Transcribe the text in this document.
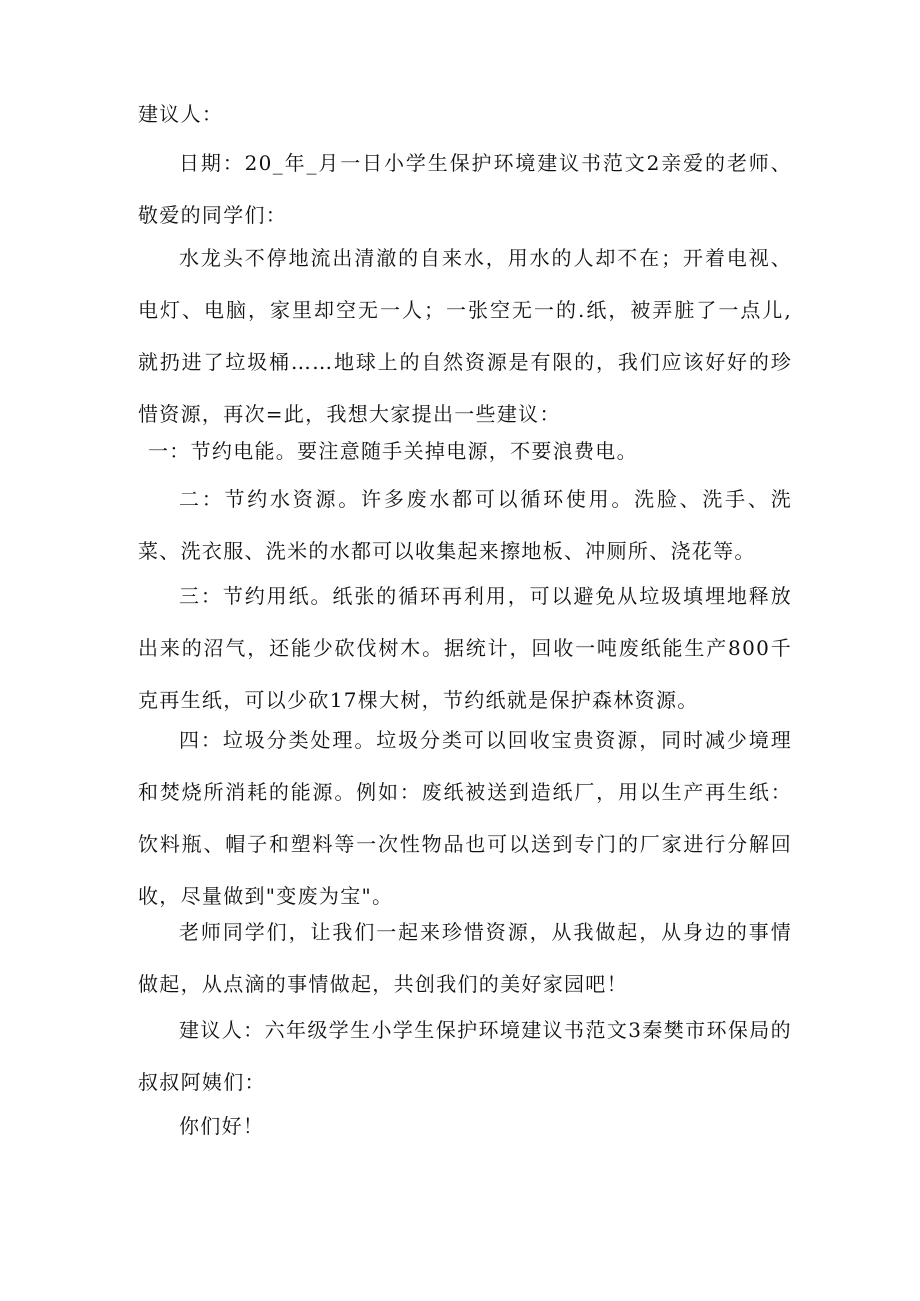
建议人：

日期：20_年_月一日小学生保护环境建议书范文2亲爱的老师、敬爱的同学们：

水龙头不停地流出清澈的自来水，用水的人却不在；开着电视、电灯、电脑，家里却空无一人；一张空无一的.纸，被弄脏了一点儿,就扔进了垃圾桶……地球上的自然资源是有限的，我们应该好好的珍惜资源，再次=此，我想大家提出一些建议：

一：节约电能。要注意随手关掉电源，不要浪费电。

二：节约水资源。许多废水都可以循环使用。洗脸、洗手、洗菜、洗衣服、洗米的水都可以收集起来擦地板、冲厕所、浇花等。

三：节约用纸。纸张的循环再利用，可以避免从垃圾填埋地释放出来的沼气，还能少砍伐树木。据统计，回收一吨废纸能生产800千克再生纸，可以少砍17棵大树，节约纸就是保护森林资源。

四：垃圾分类处理。垃圾分类可以回收宝贵资源，同时减少境理和焚烧所消耗的能源。例如：废纸被送到造纸厂，用以生产再生纸：饮料瓶、帽子和塑料等一次性物品也可以送到专门的厂家进行分解回收，尽量做到"变废为宝"。

老师同学们，让我们一起来珍惜资源，从我做起，从身边的事情做起，从点滴的事情做起，共创我们的美好家园吧！

建议人：六年级学生小学生保护环境建议书范文3秦樊市环保局的叔叔阿姨们：

你们好！
